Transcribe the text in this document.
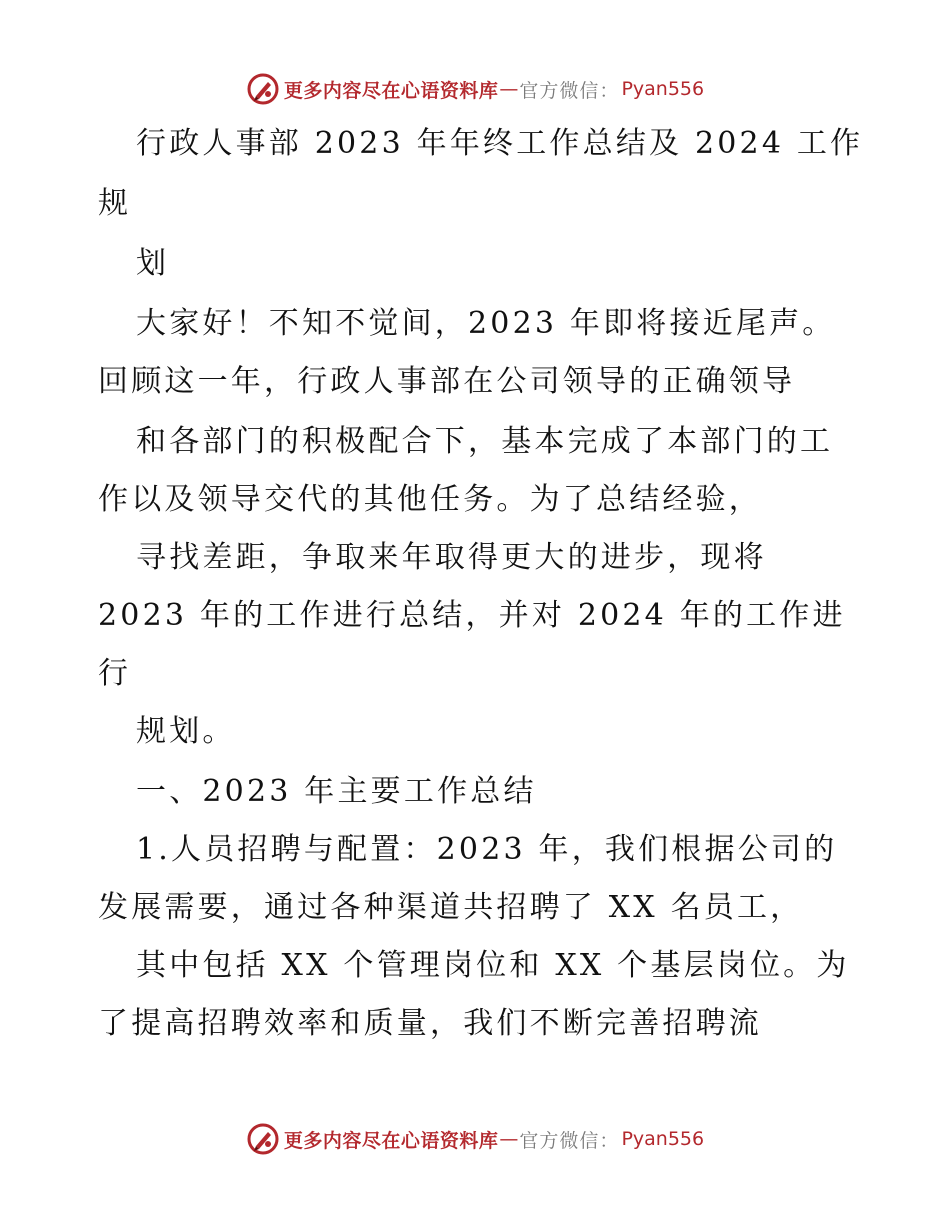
更多内容尽在心语资料库 — 官方微信： Pyan556
行政人事部 2023 年年终工作总结及 2024 工作
规
划
大家好！不知不觉间，2023 年即将接近尾声。
回顾这一年，行政人事部在公司领导的正确领导
和各部门的积极配合下，基本完成了本部门的工
作以及领导交代的其他任务。为了总结经验，
寻找差距，争取来年取得更大的进步，现将
2023 年的工作进行总结，并对 2024 年的工作进
行
规划。
一、2023 年主要工作总结
1.人员招聘与配置：2023 年，我们根据公司的
发展需要，通过各种渠道共招聘了 XX 名员工，
其中包括 XX 个管理岗位和 XX 个基层岗位。为
了提高招聘效率和质量，我们不断完善招聘流
更多内容尽在心语资料库 — 官方微信： Pyan556
